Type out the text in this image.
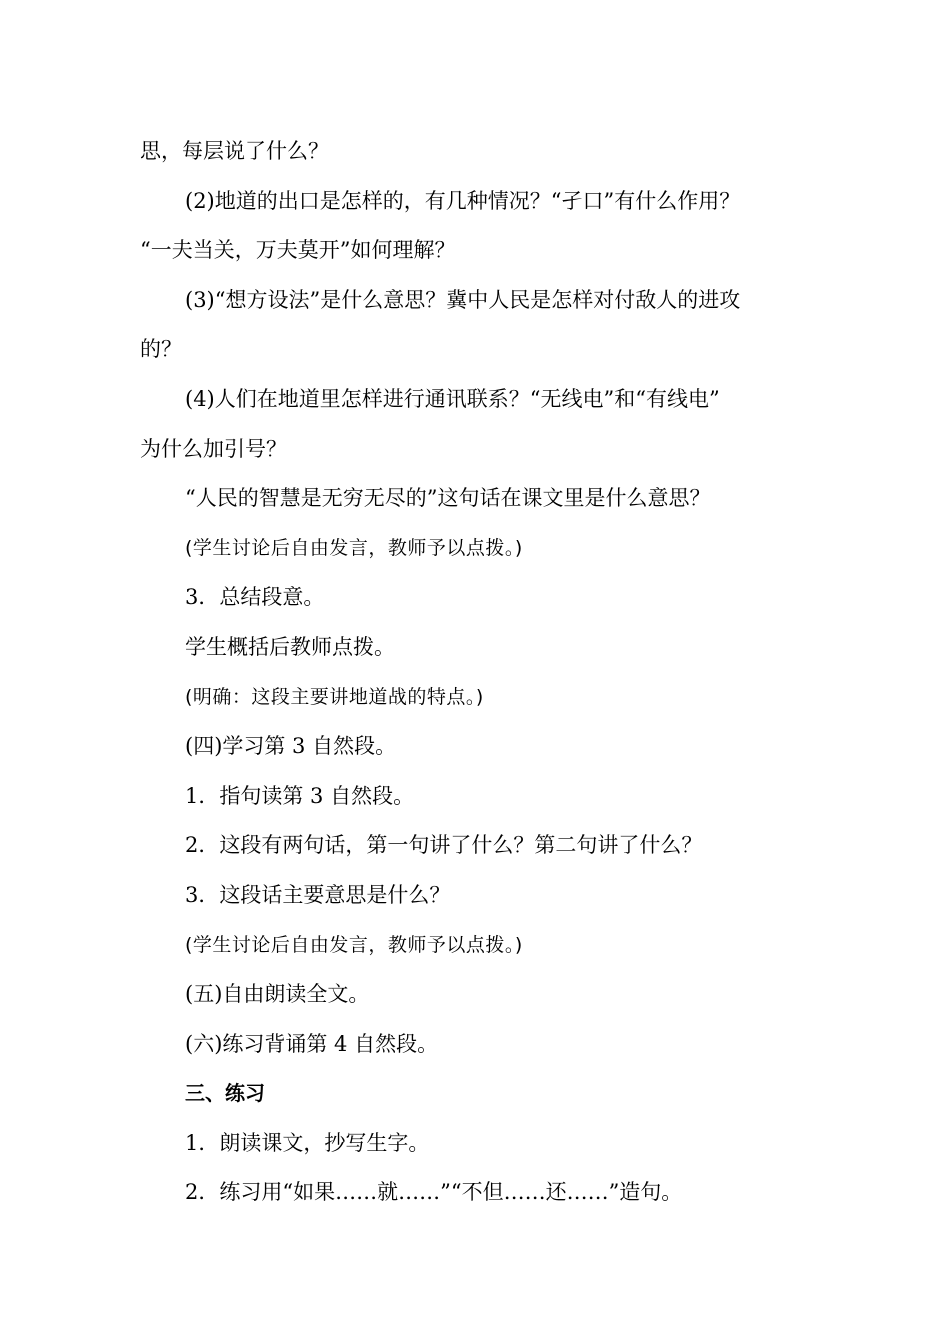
思，每层说了什么？
(2)地道的出口是怎样的，有几种情况？“孑口”有什么作用？
“一夫当关，万夫莫开”如何理解？
(3)“想方设法”是什么意思？冀中人民是怎样对付敌人的进攻
的？
(4)人们在地道里怎样进行通讯联系？“无线电”和“有线电”
为什么加引号？
“人民的智慧是无穷无尽的”这句话在课文里是什么意思？
(学生讨论后自由发言，教师予以点拨。)
3．总结段意。
学生概括后教师点拨。
(明确：这段主要讲地道战的特点。)
(四)学习第 3 自然段。
1．指句读第 3 自然段。
2．这段有两句话，第一句讲了什么？第二句讲了什么？
3．这段话主要意思是什么？
(学生讨论后自由发言，教师予以点拨。)
(五)自由朗读全文。
(六)练习背诵第 4 自然段。
三、练习
1．朗读课文，抄写生字。
2．练习用“如果……就……”“不但……还……”造句。
